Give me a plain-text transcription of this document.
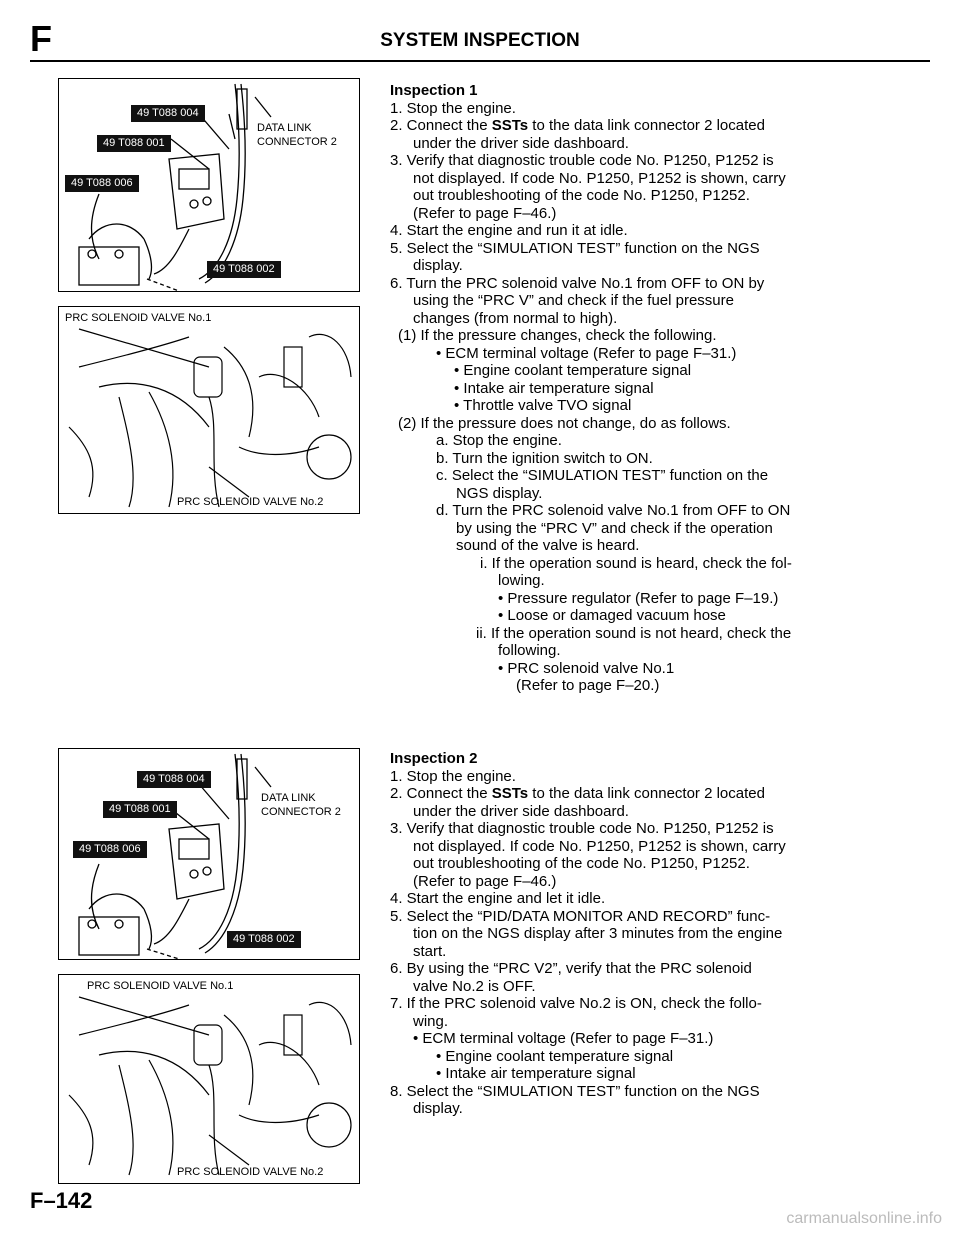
F	SYSTEM INSPECTION
49 T088 004
49 T088 001
49 T088 006
49 T088 002
DATA LINK
CONNECTOR 2
PRC SOLENOID VALVE No.1
PRC SOLENOID VALVE No.2
49 T088 004
49 T088 001
49 T088 006
49 T088 002
DATA LINK
CONNECTOR 2
PRC SOLENOID VALVE No.1
PRC SOLENOID VALVE No.2
Inspection 1
1. Stop the engine.
2. Connect the SSTs to the data link connector 2 located
under the driver side dashboard.
3. Verify that diagnostic trouble code No. P1250, P1252 is
not displayed. If code No. P1250, P1252 is shown, carry
out troubleshooting of the code No. P1250, P1252.
(Refer to page F–46.)
4. Start the engine and run it at idle.
5. Select the “SIMULATION TEST” function on the NGS
display.
6. Turn the PRC solenoid valve No.1 from OFF to ON by
using the “PRC V” and check if the fuel pressure
changes (from normal to high).
(1) If the pressure changes, check the following.
• ECM terminal voltage (Refer to page F–31.)
• Engine coolant temperature signal
• Intake air temperature signal
• Throttle valve TVO signal
(2) If the pressure does not change, do as follows.
a. Stop the engine.
b. Turn the ignition switch to ON.
c. Select the “SIMULATION TEST” function on the
NGS display.
d. Turn the PRC solenoid valve No.1 from OFF to ON
by using the “PRC V” and check if the operation
sound of the valve is heard.
i. If the operation sound is heard, check the fol-
lowing.
• Pressure regulator (Refer to page F–19.)
• Loose or damaged vacuum hose
ii. If the operation sound is not heard, check the
following.
• PRC solenoid valve No.1
(Refer to page F–20.)
Inspection 2
1. Stop the engine.
2. Connect the SSTs to the data link connector 2 located
under the driver side dashboard.
3. Verify that diagnostic trouble code No. P1250, P1252 is
not displayed. If code No. P1250, P1252 is shown, carry
out troubleshooting of the code No. P1250, P1252.
(Refer to page F–46.)
4. Start the engine and let it idle.
5. Select the “PID/DATA MONITOR AND RECORD” func-
tion on the NGS display after 3 minutes from the engine
start.
6. By using the “PRC V2”, verify that the PRC solenoid
valve No.2 is OFF.
7. If the PRC solenoid valve No.2 is ON, check the follo-
wing.
• ECM terminal voltage (Refer to page F–31.)
• Engine coolant temperature signal
• Intake air temperature signal
8. Select the “SIMULATION TEST” function on the NGS
display.
F–142
carmanualsonline.info
